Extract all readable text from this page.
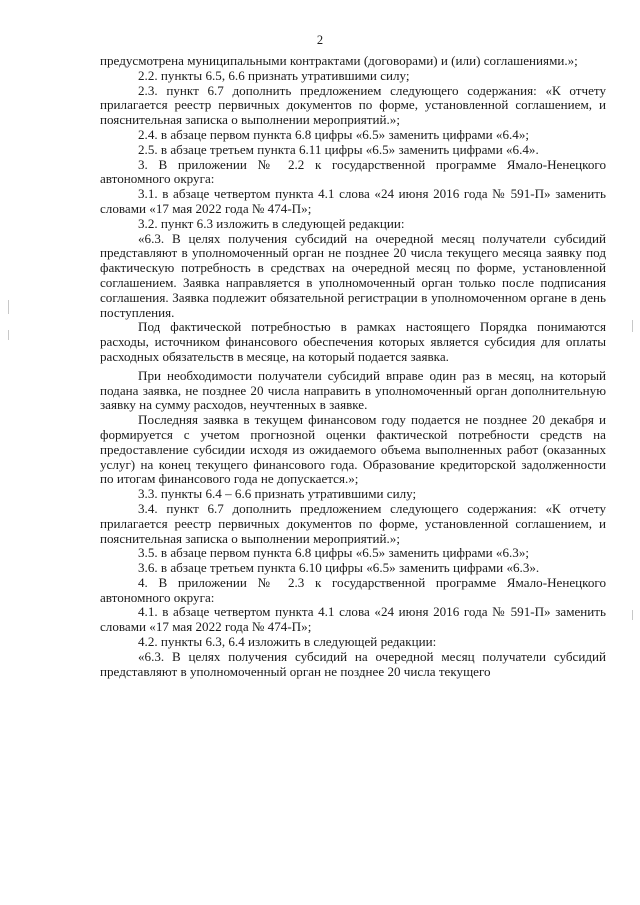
2

предусмотрена муниципальными контрактами (договорами) и (или) соглашениями.»;

2.2. пункты 6.5, 6.6 признать утратившими силу;

2.3. пункт 6.7 дополнить предложением следующего содержания: «К отчету прилагается реестр первичных документов по форме, установленной соглашением, и пояснительная записка о выполнении мероприятий.»;

2.4. в абзаце первом пункта 6.8 цифры «6.5» заменить цифрами «6.4»;

2.5. в абзаце третьем пункта 6.11 цифры «6.5» заменить цифрами «6.4».

3. В приложении № 2.2 к государственной программе Ямало-Ненецкого автономного округа:

3.1. в абзаце четвертом пункта 4.1 слова «24 июня 2016 года № 591-П» заменить словами «17 мая 2022 года № 474-П»;

3.2. пункт 6.3 изложить в следующей редакции:

«6.3. В целях получения субсидий на очередной месяц получатели субсидий представляют в уполномоченный орган не позднее 20 числа текущего месяца заявку под фактическую потребность в средствах на очередной месяц по форме, установленной соглашением. Заявка направляется в уполномоченный орган только после подписания соглашения. Заявка подлежит обязательной регистрации в уполномоченном органе в день поступления.

Под фактической потребностью в рамках настоящего Порядка понимаются расходы, источником финансового обеспечения которых является субсидия для оплаты расходных обязательств в месяце, на который подается заявка.

При необходимости получатели субсидий вправе один раз в месяц, на который подана заявка, не позднее 20 числа направить в уполномоченный орган дополнительную заявку на сумму расходов, неучтенных в заявке.

Последняя заявка в текущем финансовом году подается не позднее 20 декабря и формируется с учетом прогнозной оценки фактической потребности средств на предоставление субсидии исходя из ожидаемого объема выполненных работ (оказанных услуг) на конец текущего финансового года. Образование кредиторской задолженности по итогам финансового года не допускается.»;

3.3. пункты 6.4 – 6.6 признать утратившими силу;

3.4. пункт 6.7 дополнить предложением следующего содержания: «К отчету прилагается реестр первичных документов по форме, установленной соглашением, и пояснительная записка о выполнении мероприятий.»;

3.5. в абзаце первом пункта 6.8 цифры «6.5» заменить цифрами «6.3»;

3.6. в абзаце третьем пункта 6.10 цифры «6.5» заменить цифрами «6.3».

4. В приложении № 2.3 к государственной программе Ямало-Ненецкого автономного округа:

4.1. в абзаце четвертом пункта 4.1 слова «24 июня 2016 года № 591-П» заменить словами «17 мая 2022 года № 474-П»;

4.2. пункты 6.3, 6.4 изложить в следующей редакции:

«6.3. В целях получения субсидий на очередной месяц получатели субсидий представляют в уполномоченный орган не позднее 20 числа текущего
